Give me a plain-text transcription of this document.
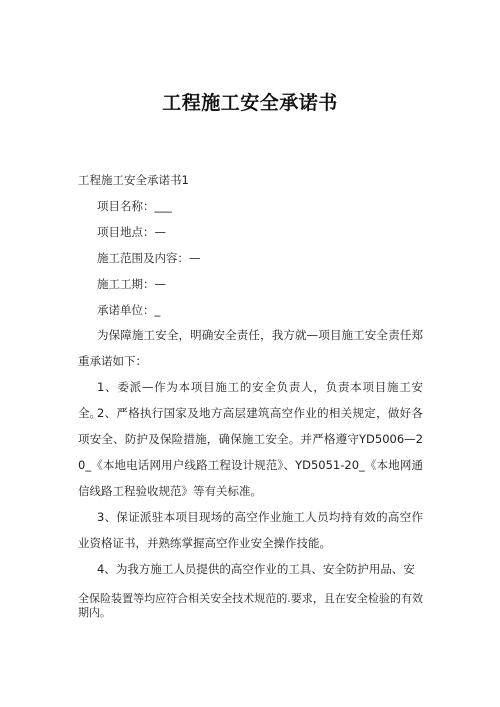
工程施工安全承诺书
工程施工安全承诺书1
项目名称：___
项目地点：—
施工范围及内容：—
施工工期：—
承诺单位：_
为保障施工安全，明确安全责任，我方就—项目施工安全责任郑重承诺如下：
1、委派—作为本项目施工的安全负责人，负责本项目施工安全。
2、严格执行国家及地方高层建筑高空作业的相关规定，做好各项安全、防护及保险措施，确保施工安全。并严格遵守YD5006—20_《本地电话网用户线路工程设计规范》、YD5051-20_《本地网通信线路工程验收规范》等有关标准。
3、保证派驻本项目现场的高空作业施工人员均持有效的高空作业资格证书，并熟练掌握高空作业安全操作技能。
4、为我方施工人员提供的高空作业的工具、安全防护用品、安
全保险装置等均应符合相关安全技术规范的.要求，且在安全检验的有效期内。
